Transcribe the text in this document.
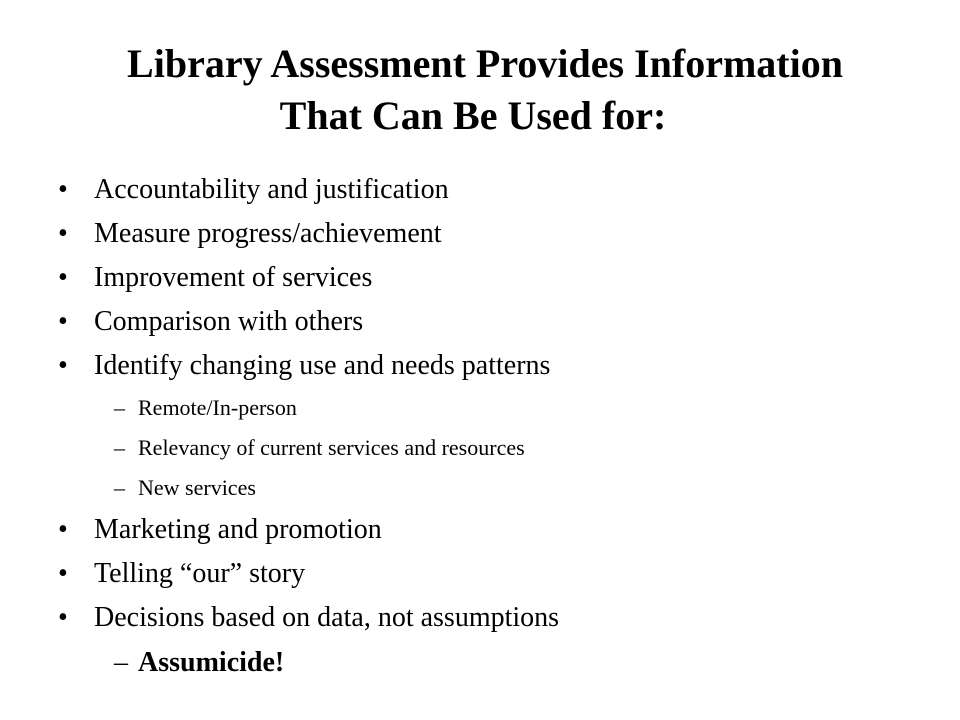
Library Assessment Provides Information
That Can Be Used for:
• Accountability and justification
• Measure progress/achievement
• Improvement of services
• Comparison with others
• Identify changing use and needs patterns
– Remote/In-person
– Relevancy of current services and resources
– New services
• Marketing and promotion
• Telling “our” story
• Decisions based on data, not assumptions
– Assumicide!
